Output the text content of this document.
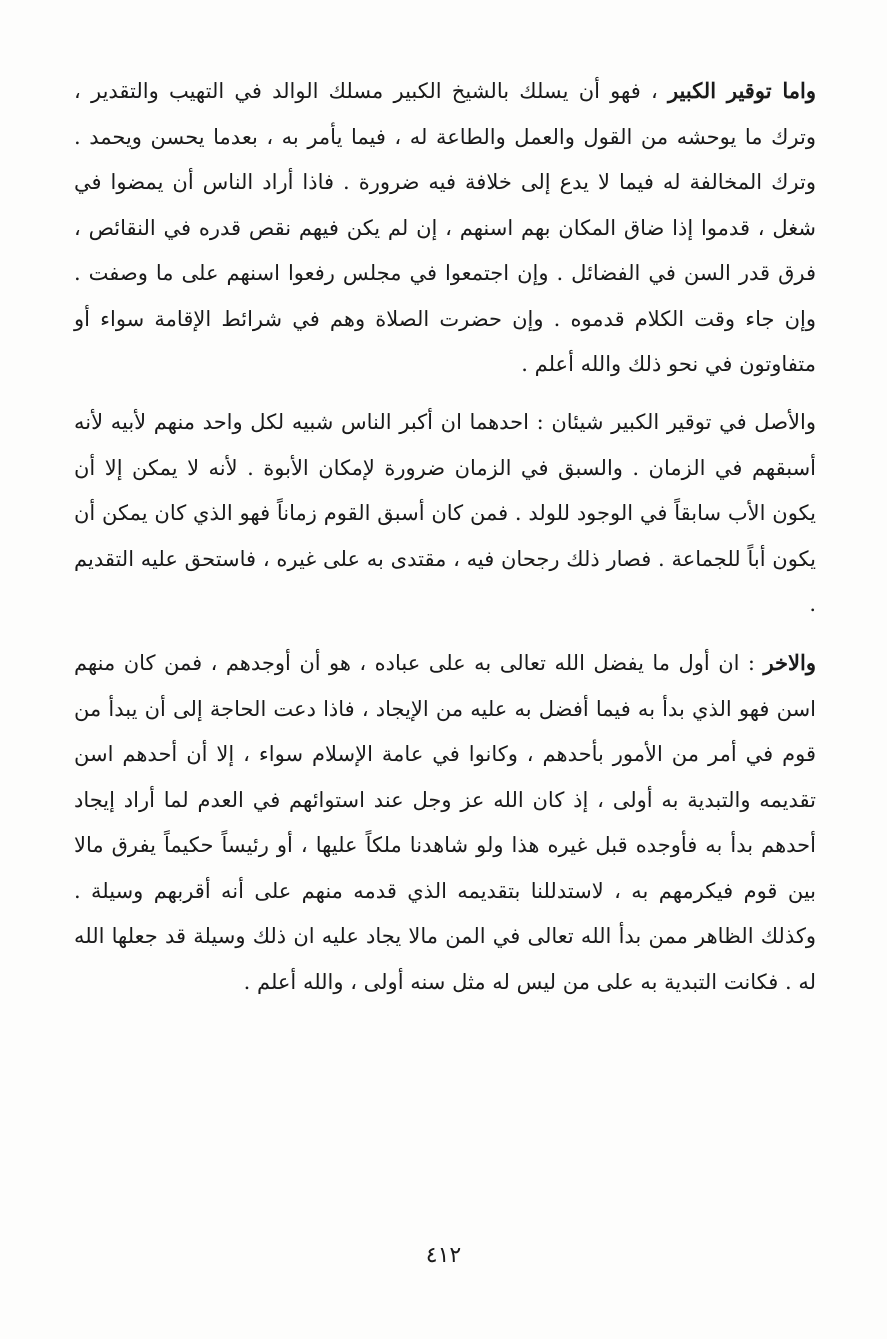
واما توقير الكبير ، فهو أن يسلك بالشيخ الكبير مسلك الوالد في التهيب والتقدير ، وترك ما يوحشه من القول والعمل والطاعة له ، فيما يأمر به ، بعدما يحسن ويحمد . وترك المخالفة له فيما لا يدع إلى خلافة فيه ضرورة . فاذا أراد الناس أن يمضوا في شغل ، قدموا إذا ضاق المكان بهم اسنهم ، إن لم يكن فيهم نقص قدره في النقائص ، فرق قدر السن في الفضائل . وإن اجتمعوا في مجلس رفعوا اسنهم على ما وصفت . وإن جاء وقت الكلام قدموه . وإن حضرت الصلاة وهم في شرائط الإقامة سواء أو متفاوتون في نحو ذلك والله أعلم .

والأصل في توقير الكبير شيئان : احدهما ان أكبر الناس شبيه لكل واحد منهم لأبيه لأنه أسبقهم في الزمان . والسبق في الزمان ضرورة لإمكان الأبوة . لأنه لا يمكن إلا أن يكون الأب سابقاً في الوجود للولد . فمن كان أسبق القوم زماناً فهو الذي كان يمكن أن يكون أباً للجماعة . فصار ذلك رجحان فيه ، مقتدى به على غيره ، فاستحق عليه التقديم .

والاخر : ان أول ما يفضل الله تعالى به على عباده ، هو أن أوجدهم ، فمن كان منهم اسن فهو الذي بدأ به فيما أفضل به عليه من الإيجاد ، فاذا دعت الحاجة إلى أن يبدأ من قوم في أمر من الأمور بأحدهم ، وكانوا في عامة الإسلام سواء ، إلا أن أحدهم اسن تقديمه والتبدية به أولى ، إذ كان الله عز وجل عند استوائهم في العدم لما أراد إيجاد أحدهم بدأ به فأوجده قبل غيره هذا ولو شاهدنا ملكاً عليها ، أو رئيساً حكيماً يفرق مالا بين قوم فيكرمهم به ، لاستدللنا بتقديمه الذي قدمه منهم على أنه أقربهم وسيلة . وكذلك الظاهر ممن بدأ الله تعالى في المن مالا يجاد عليه ان ذلك وسيلة قد جعلها الله له . فكانت التبدية به على من ليس له مثل سنه أولى ، والله أعلم .

٤١٢
